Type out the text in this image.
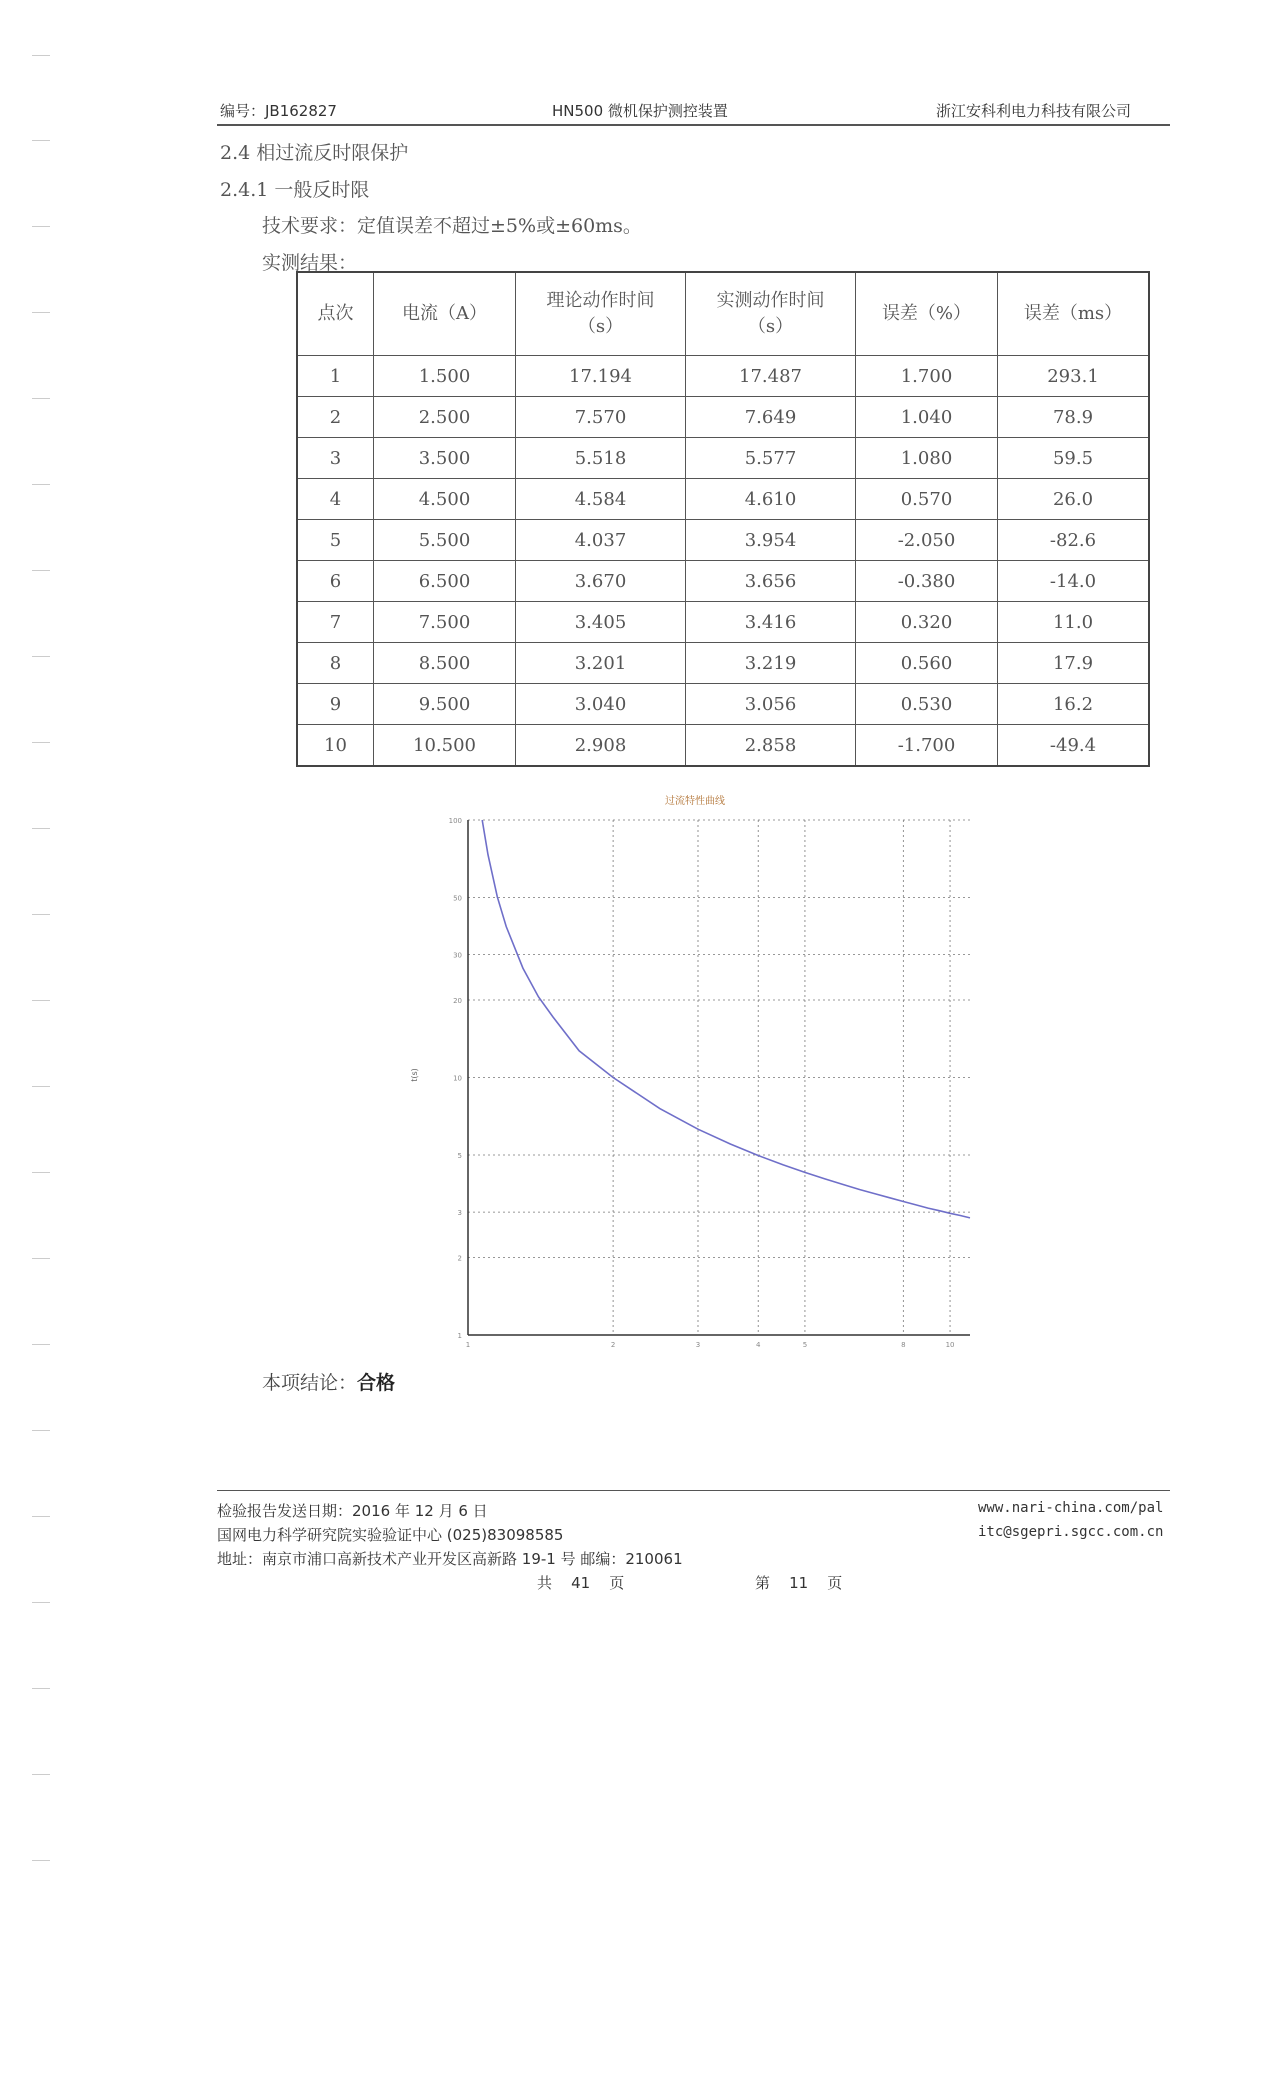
编号：JB162827	HN500 微机保护测控装置	浙江安科利电力科技有限公司
2.4 相过流反时限保护
2.4.1 一般反时限
技术要求：定值误差不超过±5%或±60ms。
实测结果：
点次	电流（A）	理论动作时间（s）	实测动作时间（s）	误差（%）	误差（ms）
1	1.500	17.194	17.487	1.700	293.1
2	2.500	7.570	7.649	1.040	78.9
3	3.500	5.518	5.577	1.080	59.5
4	4.500	4.584	4.610	0.570	26.0
5	5.500	4.037	3.954	-2.050	-82.6
6	6.500	3.670	3.656	-0.380	-14.0
7	7.500	3.405	3.416	0.320	11.0
8	8.500	3.201	3.219	0.560	17.9
9	9.500	3.040	3.056	0.530	16.2
10	10.500	2.908	2.858	-1.700	-49.4
过流特性曲线
t(s)
1	2	3	4	5	8	10
1
2
3
5
10
20
30
50
100
本项结论：合格
检验报告发送日期：2016 年 12 月 6 日
国网电力科学研究院实验验证中心 (025)83098585
地址：南京市浦口高新技术产业开发区高新路 19-1 号 邮编：210061
共    41    页	第    11    页
www.nari-china.com/pal
itc@sgepri.sgcc.com.cn
